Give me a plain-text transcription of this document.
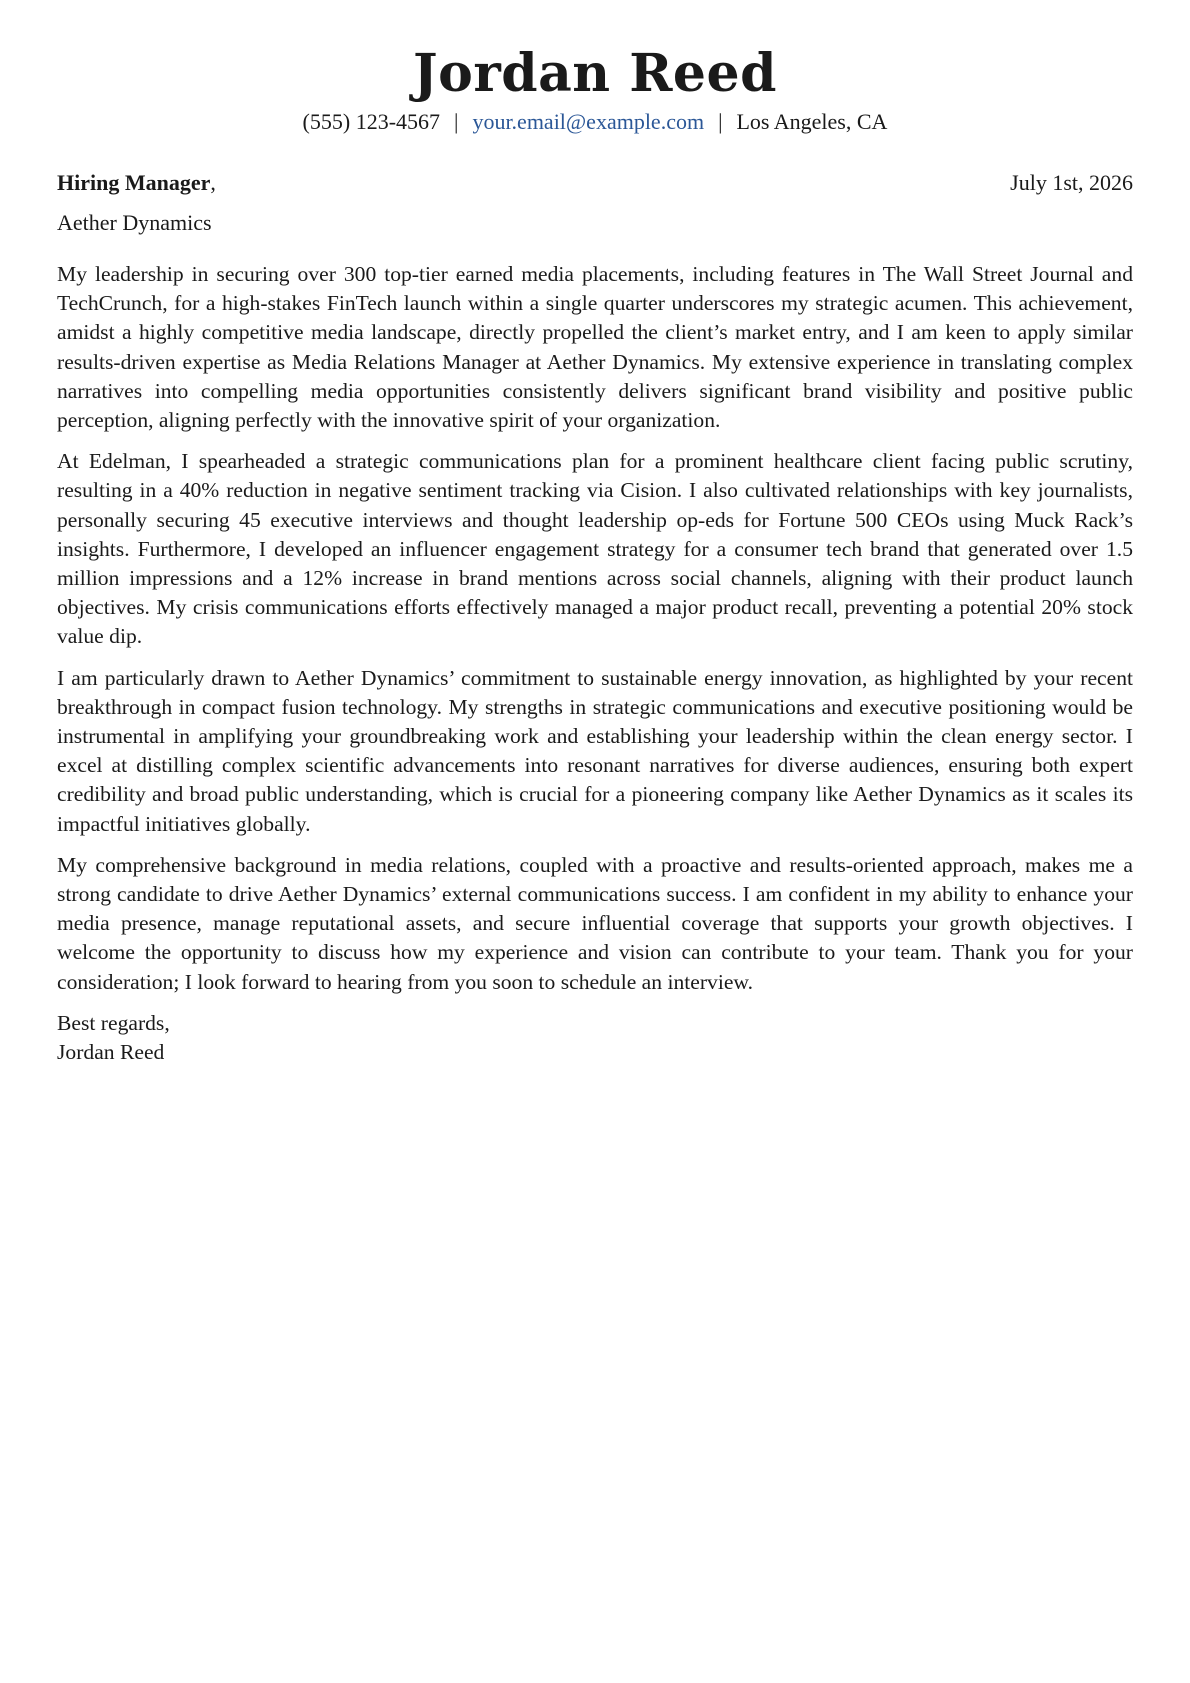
Jordan Reed
(555) 123-4567 | your.email@example.com | Los Angeles, CA
Hiring Manager,	July 1st, 2026
Aether Dynamics

My leadership in securing over 300 top-tier earned media placements, including features in The Wall Street Journal and TechCrunch, for a high-stakes FinTech launch within a single quarter underscores my strategic acumen. This achievement, amidst a highly competitive media landscape, directly propelled the client’s market entry, and I am keen to apply similar results-driven expertise as Media Relations Manager at Aether Dynamics. My extensive experience in translating complex narratives into compelling media opportunities consistently delivers significant brand visibility and positive public perception, aligning perfectly with the innovative spirit of your organization.

At Edelman, I spearheaded a strategic communications plan for a prominent healthcare client facing public scrutiny, resulting in a 40% reduction in negative sentiment tracking via Cision. I also cultivated relationships with key journalists, personally securing 45 executive interviews and thought leadership op-eds for Fortune 500 CEOs using Muck Rack’s insights. Furthermore, I developed an influencer engagement strategy for a consumer tech brand that generated over 1.5 million impressions and a 12% increase in brand mentions across social channels, aligning with their product launch objectives. My crisis communications efforts effectively managed a major product recall, preventing a potential 20% stock value dip.

I am particularly drawn to Aether Dynamics’ commitment to sustainable energy innovation, as highlighted by your recent breakthrough in compact fusion technology. My strengths in strategic communications and executive positioning would be instrumental in amplifying your groundbreaking work and establishing your leadership within the clean energy sector. I excel at distilling complex scientific advancements into resonant narratives for diverse audiences, ensuring both expert credibility and broad public understanding, which is crucial for a pioneering company like Aether Dynamics as it scales its impactful initiatives globally.

My comprehensive background in media relations, coupled with a proactive and results-oriented approach, makes me a strong candidate to drive Aether Dynamics’ external communications success. I am confident in my ability to enhance your media presence, manage reputational assets, and secure influential coverage that supports your growth objectives. I welcome the opportunity to discuss how my experience and vision can contribute to your team. Thank you for your consideration; I look forward to hearing from you soon to schedule an interview.

Best regards,
Jordan Reed
